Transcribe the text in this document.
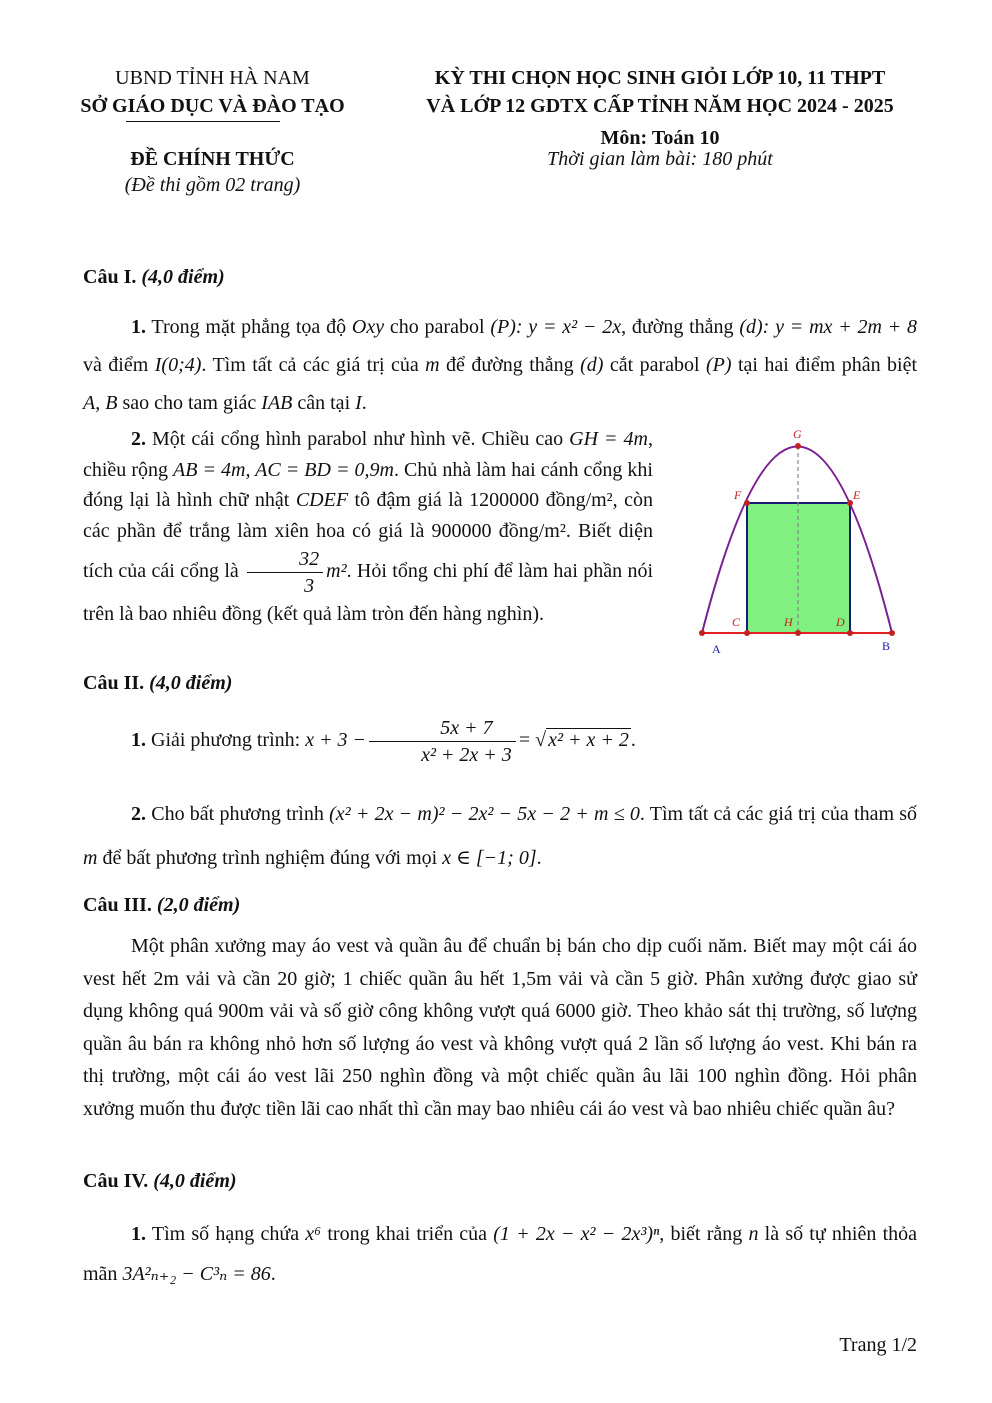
UBND TỈNH HÀ NAM
SỞ GIÁO DỤC VÀ ĐÀO TẠO
ĐỀ CHÍNH THỨC
(Đề thi gồm 02 trang)
KỲ THI CHỌN HỌC SINH GIỎI LỚP 10, 11 THPT
VÀ LỚP 12 GDTX CẤP TỈNH NĂM HỌC 2024 - 2025
Môn: Toán 10
Thời gian làm bài: 180 phút
Câu I. (4,0 điểm)
1. Trong mặt phẳng tọa độ Oxy cho parabol (P): y = x² − 2x, đường thẳng (d): y = mx + 2m + 8 và điểm I(0;4). Tìm tất cả các giá trị của m để đường thẳng (d) cắt parabol (P) tại hai điểm phân biệt A, B sao cho tam giác IAB cân tại I.
2. Một cái cổng hình parabol như hình vẽ. Chiều cao GH = 4m, chiều rộng AB = 4m, AC = BD = 0,9m. Chủ nhà làm hai cánh cổng khi đóng lại là hình chữ nhật CDEF tô đậm giá là 1200000 đồng/m², còn các phần để trắng làm xiên hoa có giá là 900000 đồng/m². Biết diện tích của cái cổng là $\frac{32}{3} m^2$. Hỏi tổng chi phí để làm hai phần nói trên là bao nhiêu đồng (kết quả làm tròn đến hàng nghìn).
G
F	E
C	H	D
A	B
Câu II. (4,0 điểm)
1. Giải phương trình: $x + 3 - \frac{5x + 7}{\text{x² + 2x + 3}}$ = √ x² + x + 2 .
2. Cho bất phương trình (x² + 2x − m)² − 2x² − 5x − 2 + m ≤ 0. Tìm tất cả các giá trị của tham số m để bất phương trình nghiệm đúng với mọi x ∈ [−1; 0].
Câu III. (2,0 điểm)
Một phân xưởng may áo vest và quần âu để chuẩn bị bán cho dịp cuối năm. Biết may một cái áo vest hết 2m vải và cần 20 giờ; 1 chiếc quần âu hết 1,5m vải và cần 5 giờ. Phân xưởng được giao sử dụng không quá 900m vải và số giờ công không vượt quá 6000 giờ. Theo khảo sát thị trường, số lượng quần âu bán ra không nhỏ hơn số lượng áo vest và không vượt quá 2 lần số lượng áo vest. Khi bán ra thị trường, một cái áo vest lãi 250 nghìn đồng và một chiếc quần âu lãi 100 nghìn đồng. Hỏi phân xưởng muốn thu được tiền lãi cao nhất thì cần may bao nhiêu cái áo vest và bao nhiêu chiếc quần âu?
Câu IV. (4,0 điểm)
1. Tìm số hạng chứa x⁶ trong khai triển của (1 + 2x − x² − 2x³)ⁿ, biết rằng n là số tự nhiên thỏa mãn 3A²ₙ₊₂ − C³ₙ = 86.
Trang 1/2
